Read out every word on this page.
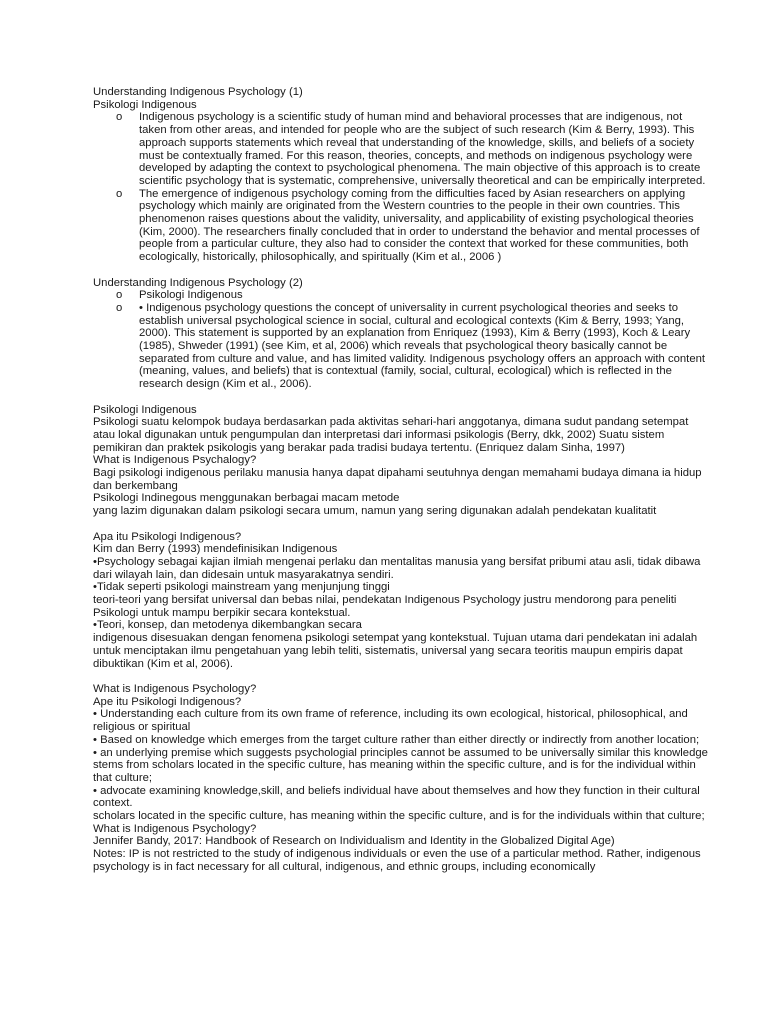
Understanding Indigenous Psychology (1)
Psikologi Indigenous
o Indigenous psychology is a scientific study of human mind and behavioral processes that are indigenous, not taken from other areas, and intended for people who are the subject of such research (Kim & Berry, 1993). This approach supports statements which reveal that understanding of the knowledge, skills, and beliefs of a society must be contextually framed. For this reason, theories, concepts, and methods on indigenous psychology were developed by adapting the context to psychological phenomena. The main objective of this approach is to create scientific psychology that is systematic, comprehensive, universally theoretical and can be empirically interpreted.
o The emergence of indigenous psychology coming from the difficulties faced by Asian researchers on applying psychology which mainly are originated from the Western countries to the people in their own countries. This phenomenon raises questions about the validity, universality, and applicability of existing psychological theories (Kim, 2000). The researchers finally concluded that in order to understand the behavior and mental processes of people from a particular culture, they also had to consider the context that worked for these communities, both ecologically, historically, philosophically, and spiritually (Kim et al., 2006 )
Understanding Indigenous Psychology (2)
o Psikologi Indigenous
o • Indigenous psychology questions the concept of universality in current psychological theories and seeks to establish universal psychological science in social, cultural and ecological contexts (Kim & Berry, 1993; Yang, 2000). This statement is supported by an explanation from Enriquez (1993), Kim & Berry (1993), Koch & Leary (1985), Shweder (1991) (see Kim, et al, 2006) which reveals that psychological theory basically cannot be separated from culture and value, and has limited validity. Indigenous psychology offers an approach with content (meaning, values, and beliefs) that is contextual (family, social, cultural, ecological) which is reflected in the research design (Kim et al., 2006).
Psikologi Indigenous
Psikologi suatu kelompok budaya berdasarkan pada aktivitas sehari-hari anggotanya, dimana sudut pandang setempat atau lokal digunakan untuk pengumpulan dan interpretasi dari informasi psikologis (Berry, dkk, 2002) Suatu sistem pemikiran dan praktek psikologis yang berakar pada tradisi budaya tertentu. (Enriquez dalam Sinha, 1997)
What is Indigenous Psychalogy?
Bagi psikologi indigenous perilaku manusia hanya dapat dipahami seutuhnya dengan memahami budaya dimana ia hidup dan berkembang
Psikologi Indinegous menggunakan berbagai macam metode
yang lazim digunakan dalam psikologi secara umum, namun yang sering digunakan adalah pendekatan kualitatit
Apa itu Psikologi Indigenous?
Kim dan Berry (1993) mendefinisikan Indigenous
•Psychology sebagai kajian ilmiah mengenai perlaku dan mentalitas manusia yang bersifat pribumi atau asli, tidak dibawa dari wilayah lain, dan didesain untuk masyarakatnya sendiri.
•Tidak seperti psikologi mainstream yang menjunjung tinggi
teori-teori yang bersifat universal dan bebas nilai, pendekatan Indigenous Psychology justru mendorong para peneliti Psikologi untuk mampu berpikir secara kontekstual.
•Teori, konsep, dan metodenya dikembangkan secara
indigenous disesuakan dengan fenomena psikologi setempat yang kontekstual. Tujuan utama dari pendekatan ini adalah untuk menciptakan ilmu pengetahuan yang lebih teliti, sistematis, universal yang secara teoritis maupun empiris dapat dibuktikan (Kim et al, 2006).
What is Indigenous Psychology?
Ape itu Psikologi Indigenous?
• Understanding each culture from its own frame of reference, including its own ecological, historical, philosophical, and religious or spiritual
• Based on knowledge which emerges from the target culture rather than either directly or indirectly from another location;
• an underlying premise which suggests psychologial principles cannot be assumed to be universally similar this knowledge stems from scholars located in the specific culture, has meaning within the specific culture, and is for the individual within that culture;
• advocate examining knowledge,skill, and beliefs individual have about themselves and how they function in their cultural context.
scholars located in the specific culture, has meaning within the specific culture, and is for the individuals within that culture;
What is Indigenous Psychology?
Jennifer Bandy, 2017: Handbook of Research on Individualism and Identity in the Globalized Digital Age)
Notes: IP is not restricted to the study of indigenous individuals or even the use of a particular method. Rather, indigenous psychology is in fact necessary for all cultural, indigenous, and ethnic groups, including economically
